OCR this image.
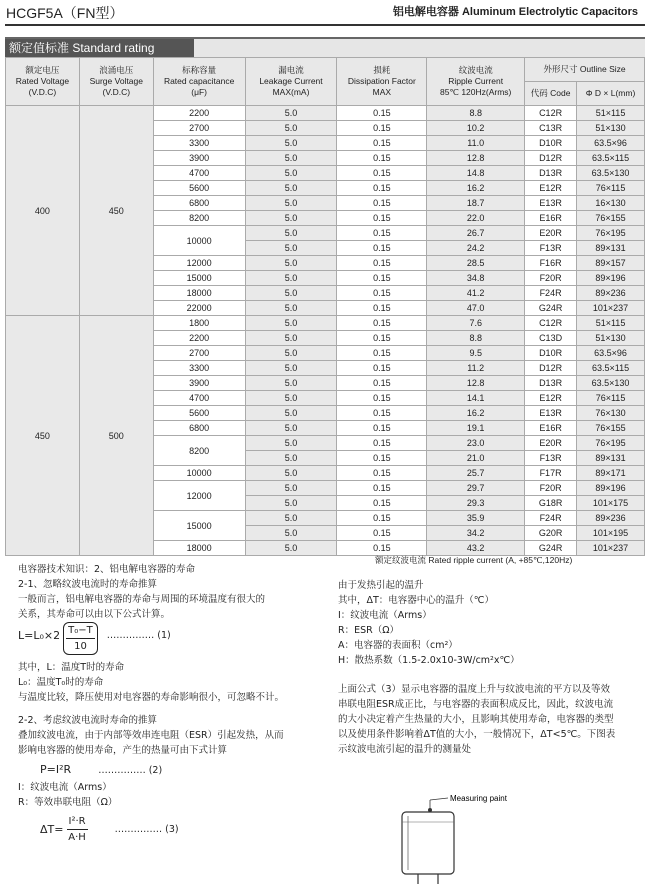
HCGF5A（FN型）	铝电解电容器 Aluminum Electrolytic Capacitors
额定值标准 Standard rating
额定电压
Rated Voltage
(V.D.C)	浪涌电压
Surge Voltage
(V.D.C)	标称容量
Rated capacitance
(μF)	漏电流
Leakage Current
MAX(mA)	损耗
Dissipation Factor
MAX	纹波电流
Ripple Current
85℃ 120Hz(Arms)	外形尺寸 Outline Size	
						代码 Code	Φ D × L(mm)
400	450	2200	5.0	0.15	8.8	C12R	51×115
		2700	5.0	0.15	10.2	C13R	51×130
		3300	5.0	0.15	11.0	D10R	63.5×96
		3900	5.0	0.15	12.8	D12R	63.5×115
		4700	5.0	0.15	14.8	D13R	63.5×130
		5600	5.0	0.15	16.2	E12R	76×115
		6800	5.0	0.15	18.7	E13R	16×130
		8200	5.0	0.15	22.0	E16R	76×155
		10000	5.0	0.15	26.7	E20R	76×195
			5.0	0.15	24.2	F13R	89×131
		12000	5.0	0.15	28.5	F16R	89×157
		15000	5.0	0.15	34.8	F20R	89×196
		18000	5.0	0.15	41.2	F24R	89×236
		22000	5.0	0.15	47.0	G24R	101×237
450	500	1800	5.0	0.15	7.6	C12R	51×115
		2200	5.0	0.15	8.8	C13D	51×130
		2700	5.0	0.15	9.5	D10R	63.5×96
		3300	5.0	0.15	11.2	D12R	63.5×115
		3900	5.0	0.15	12.8	D13R	63.5×130
		4700	5.0	0.15	14.1	E12R	76×115
		5600	5.0	0.15	16.2	E13R	76×130
		6800	5.0	0.15	19.1	E16R	76×155
		8200	5.0	0.15	23.0	E20R	76×195
			5.0	0.15	21.0	F13R	89×131
		10000	5.0	0.15	25.7	F17R	89×171
		12000	5.0	0.15	29.7	F20R	89×196
			5.0	0.15	29.3	G18R	101×175
		15000	5.0	0.15	35.9	F24R	89×236
			5.0	0.15	34.2	G20R	101×195
		18000	5.0	0.15	43.2	G24R	101×237
额定纹波电流 Rated ripple current (A, +85℃,120Hz)

电容器技术知识：2、铝电解电容器的寿命

2-1、忽略纹波电流时的寿命推算

一般而言，铝电解电容器的寿命与周围的环境温度有很大的

关系，其寿命可以由以下公式计算。

$L=L_0\times 2 \frac{\text{T₀−T}}{10}$ …………… (1)

其中，L：温度T时的寿命

L₀：温度T₀时的寿命

与温度比较，降压使用对电容器的寿命影响很小，可忽略不计。

2-2、考虑纹波电流时寿命的推算

叠加纹波电流，由于内部等效串连电阻（ESR）引起发热，从而

影响电容器的使用寿命，产生的热量可由下式计算

P=I²R	…………… (2)

I：纹波电流（Arms）

R：等效串联电阻（Ω）

$\Delta T= \frac{\text{I²·R}}{A\cdot H}$	…………… (3)

由于发热引起的温升

其中，ΔT：电容器中心的温升（℃）

I：纹波电流（Arms）

R：ESR（Ω）

A：电容器的表面积（cm²）

H：散热系数（1.5-2.0x10-3W/cm²x℃）

上面公式（3）显示电容器的温度上升与纹波电流的平方以及等效

串联电阻ESR成正比，与电容器的表面积成反比，因此，纹波电流

的大小决定着产生热量的大小，且影响其使用寿命，电容器的类型

以及使用条件影响着ΔT值的大小，一般情况下，ΔT<5℃。下图表

示纹波电流引起的温升的测量处

Measuring paint
